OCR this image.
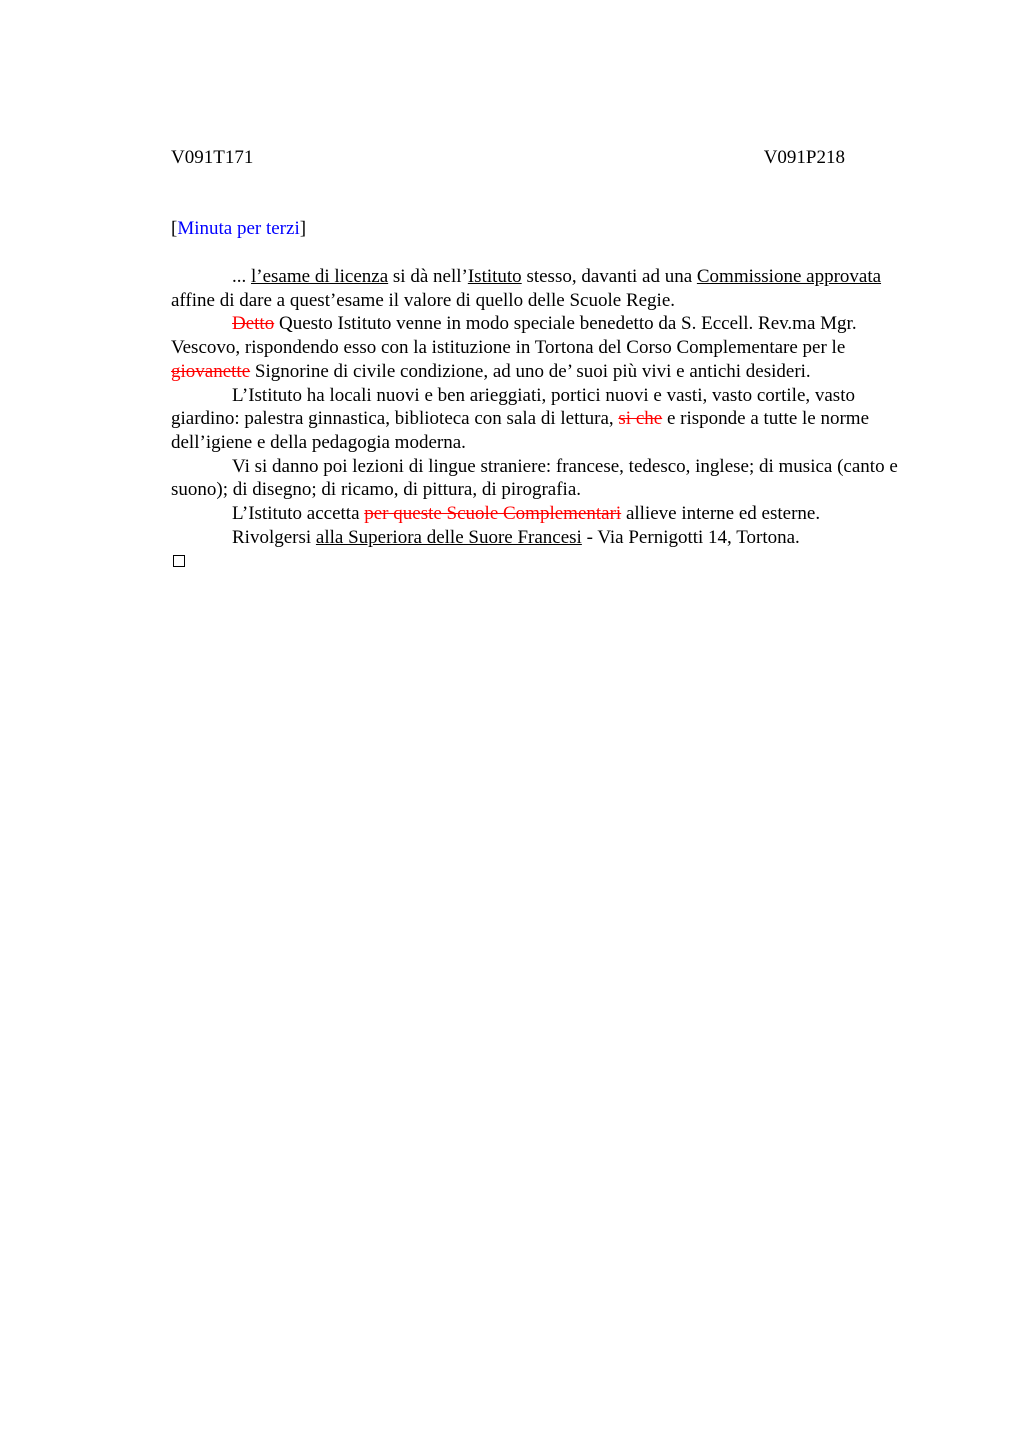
V091T171	V091P218
[Minuta per terzi]

... l’esame di licenza si dà nell’Istituto stesso, davanti ad una Commissione approvata affine di dare a quest’esame il valore di quello delle Scuole Regie.

Detto Questo Istituto venne in modo speciale benedetto da S. Eccell. Rev.ma Mgr. Vescovo, rispondendo esso con la istituzione in Tortona del Corso Complementare per le giovanette Signorine di civile condizione, ad uno de’ suoi più vivi e antichi desideri.

L’Istituto ha locali nuovi e ben arieggiati, portici nuovi e vasti, vasto cortile, vasto giardino: palestra ginnastica, biblioteca con sala di lettura, si che e risponde a tutte le norme dell’igiene e della pedagogia moderna.

Vi si danno poi lezioni di lingue straniere: francese, tedesco, inglese; di musica (canto e suono); di disegno; di ricamo, di pittura, di pirografia.

L’Istituto accetta per queste Scuole Complementari allieve interne ed esterne.

Rivolgersi alla Superiora delle Suore Francesi - Via Pernigotti 14, Tortona.
